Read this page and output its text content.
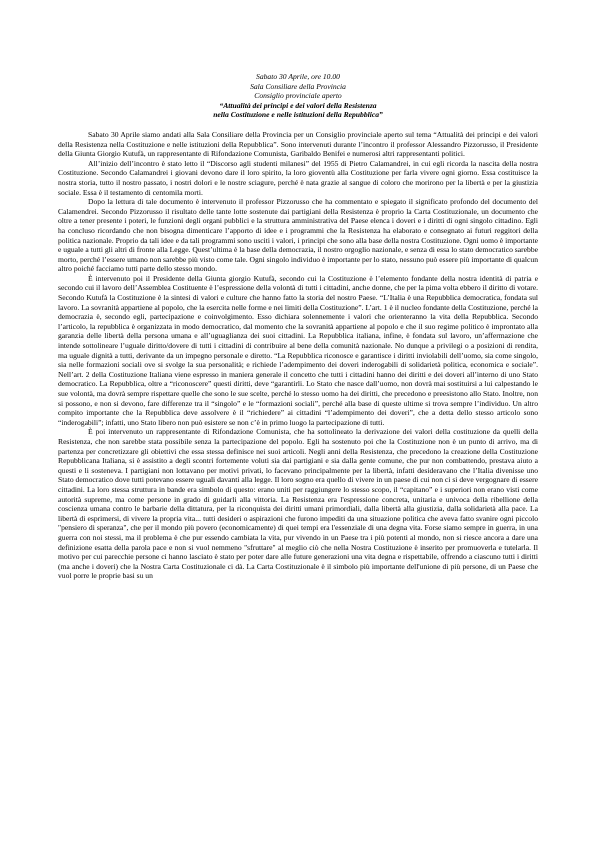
Sabato 30 Aprile, ore 10.00
Sala Consiliare della Provincia
Consiglio provinciale aperto
“Attualità dei principi e dei valori della Resistenza
nella Costituzione e nelle istituzioni della Repubblica”

Sabato 30 Aprile siamo andati alla Sala Consiliare della Provincia per un Consiglio provinciale aperto sul tema “Attualità dei principi e dei valori della Resistenza nella Costituzione e nelle istituzioni della Repubblica”. Sono intervenuti durante l’incontro il professor Alessandro Pizzorusso, il Presidente della Giunta Giorgio Kutufà, un rappresentante di Rifondazione Comunista, Garibaldo Benifei e numerosi altri rappresentanti politici.

All’inizio dell’incontro è stato letto il “Discorso agli studenti milanesi” del 1955 di Pietro Calamandrei, in cui egli ricorda la nascita della nostra Costituzione. Secondo Calamandrei i giovani devono dare il loro spirito, la loro gioventù alla Costituzione per farla vivere ogni giorno. Essa costituisce la nostra storia, tutto il nostro passato, i nostri dolori e le nostre sciagure, perché è nata grazie al sangue di coloro che morirono per la libertà e per la giustizia sociale. Essa è il testamento di centomila morti.

Dopo la lettura di tale documento è intervenuto il professor Pizzorusso che ha commentato e spiegato il significato profondo del documento del Calamendrei. Secondo Pizzorusso il risultato delle tante lotte sostenute dai partigiani della Resistenza è proprio la Carta Costituzionale, un documento che oltre a tener presente i poteri, le funzioni degli organi pubblici e la struttura amministrativa del Paese elenca i doveri e i diritti di ogni singolo cittadino. Egli ha concluso ricordando che non bisogna dimenticare l’apporto di idee e i programmi che la Resistenza ha elaborato e consegnato ai futuri reggitori della politica nazionale. Proprio da tali idee e da tali programmi sono usciti i valori, i principi che sono alla base della nostra Costituzione. Ogni uomo è importante e uguale a tutti gli altri di fronte alla Legge. Quest’ultima è la base della democrazia, il nostro orgoglio nazionale, e senza di essa lo stato democratico sarebbe morto, perché l’essere umano non sarebbe più visto come tale. Ogni singolo individuo è importante per lo stato, nessuno può essere più importante di qualcun altro poiché facciamo tutti parte dello stesso mondo.

È intervenuto poi il Presidente della Giunta giorgio Kutufà, secondo cui la Costituzione è l’elemento fondante della nostra identità di patria e secondo cui il lavoro dell’Assemblea Costituente è l’espressione della volontà di tutti i cittadini, anche donne, che per la pima volta ebbero il diritto di votare. Secondo Kutufà la Costituzione è la sintesi di valori e culture che hanno fatto la storia del nostro Paese. “L’Italia è una Repubblica democratica, fondata sul lavoro. La sovranità appartiene al popolo, che la esercita nelle forme e nei limiti della Costituzione”. L’art. 1 è il nucleo fondante della Costituzione, perché la democrazia è, secondo egli, partecipazione e coinvolgimento. Esso dichiara solennemente i valori che orienteranno la vita della Repubblica. Secondo l’articolo, la repubblica è organizzata in modo democratico, dal momento che la sovranità appartiene al popolo e che il suo regime politico è improntato alla garanzia delle libertà della persona umana e all’uguaglianza dei suoi cittadini. La Repubblica italiana, infine, è fondata sul lavoro, un’affermazione che intende sottolineare l’uguale diritto/dovere di tutti i cittadini di contribuire al bene della comunità nazionale. No dunque a privilegi o a posizioni di rendita, ma uguale dignità a tutti, derivante da un impegno personale e diretto. “La Repubblica riconosce e garantisce i diritti inviolabili dell’uomo, sia come singolo, sia nelle formazioni sociali ove si svolge la sua personalità; e richiede l’adempimento dei doveri inderogabili di solidarietà politica, economica e sociale”. Nell’art. 2 della Costituzione Italiana viene espresso in maniera generale il concetto che tutti i cittadini hanno dei diritti e dei doveri all’interno di uno Stato democratico. La Repubblica, oltre a “riconoscere” questi diritti, deve “garantirli. Lo Stato che nasce dall’uomo, non dovrà mai sostituirsi a lui calpestando le sue volontà, ma dovrà sempre rispettare quelle che sono le sue scelte, perché lo stesso uomo ha dei diritti, che precedono e preesistono allo Stato. Inoltre, non si possono, e non si devono, fare differenze tra il “singolo” e le “formazioni sociali”, perché alla base di queste ultime si trova sempre l’individuo. Un altro compito importante che la Repubblica deve assolvere è il “richiedere” ai cittadini “l’adempimento dei doveri”, che a detta dello stesso articolo sono “inderogabili”; infatti, uno Stato libero non può esistere se non c’è in primo luogo la partecipazione di tutti.

È poi intervenuto un rappresentante di Rifondazione Comunista, che ha sottolineato la derivazione dei valori della costituzione da quelli della Resistenza, che non sarebbe stata possibile senza la partecipazione del popolo. Egli ha sostenuto poi che la Costituzione non è un punto di arrivo, ma di partenza per concretizzare gli obiettivi che essa stessa definisce nei suoi articoli. Negli anni della Resistenza, che precedono la creazione della Costituzione Repubblicana Italiana, si è assistito a degli scontri fortemente voluti sia dai partigiani e sia dalla gente comune, che pur non combattendo, prestava aiuto a questi e li sosteneva. I partigiani non lottavano per motivi privati, lo facevano principalmente per la libertà, infatti desideravano che l’Italia divenisse uno Stato democratico dove tutti potevano essere uguali davanti alla legge. Il loro sogno era quello di vivere in un paese di cui non ci si deve vergognare di essere cittadini. La loro stessa struttura in bande era simbolo di questo: erano uniti per raggiungere lo stesso scopo, il “capitano” e i superiori non erano visti come autorità supreme, ma come persone in grado di guidarli alla vittoria. La Resistenza era l'espressione concreta, unitaria e univoca della ribellione della coscienza umana contro le barbarie della dittatura, per la riconquista dei diritti umani primordiali, dalla libertà alla giustizia, dalla solidarietà alla pace. La libertà di esprimersi, di vivere la propria vita... tutti desideri o aspirazioni che furono impediti da una situazione politica che aveva fatto svanire ogni piccolo "pensiero di speranza", che per il mondo più povero (economicamente) di quei tempi era l'essenziale di una degna vita. Forse siamo sempre in guerra, in una guerra con noi stessi, ma il problema è che pur essendo cambiata la vita, pur vivendo in un Paese tra i più potenti al mondo, non si riesce ancora a dare una definizione esatta della parola pace e non si vuol nemmeno "sfruttare" al meglio ciò che nella Nostra Costituzione è inserito per promuoverla e tutelarla. Il motivo per cui parecchie persone ci hanno lasciato è stato per poter dare alle future generazioni una vita degna e rispettabile, offrendo a ciascuno tutti i diritti (ma anche i doveri) che la Nostra Carta Costituzionale ci dà. La Carta Costituzionale è il simbolo più importante dell'unione di più persone, di un Paese che vuol porre le proprie basi su un
